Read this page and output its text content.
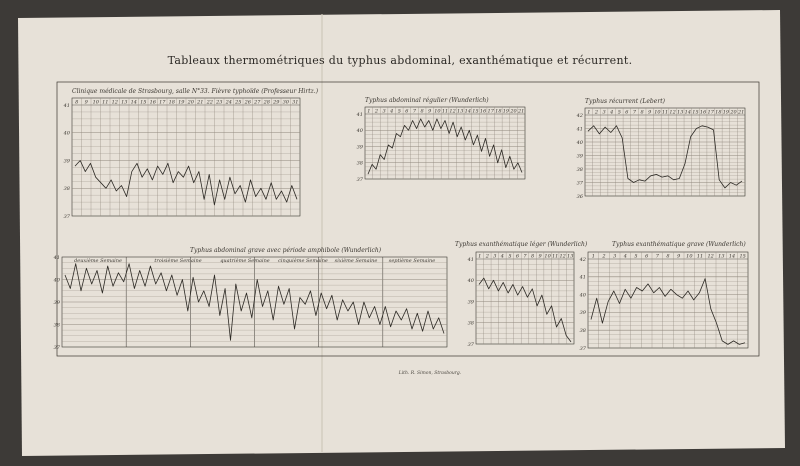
Tableaux thermométriques du typhus abdominal, exanthématique et récurrent.
Clinique médicale de Strasbourg, salle N°33. Fièvre typhoïde (Professeur Hirtz.)
8 9 10 11 12 13 14 15 16 17 18 19 20 21 22 23 24 25 26 27 28 29 30 31
37
38
39
40
41
Typhus abdominal régulier (Wunderlich)
1 2 3 4 5 6 7 8 9 10 11 12 13 14 15 16 17 18 19 20 21
37
38
39
40
41
Typhus récurrent (Lebert)
1 2 3 4 5 6 7 8 9 10 11 12 13 14 15 16 17 18 19 20 21
36
37
38
39
40
41
42
Typhus abdominal grave avec période amphibole (Wunderlich)
37
38
39
40
41
Typhus exanthématique léger (Wunderlich)
1 2 3 4 5 6 7 8 9 10 11 12 13
37
38
39
40
41
Typhus exanthématique grave (Wunderlich)
1 2 3 4 5 6 7 8 9 10 11 12 13 14 15
37
38
39
40
41
42
deuxième Semaine	troisième Semaine	quatrième Semaine cinquième Semaine sixième Semaine septième Semaine
Lith. R. Simon, Strasbourg.
